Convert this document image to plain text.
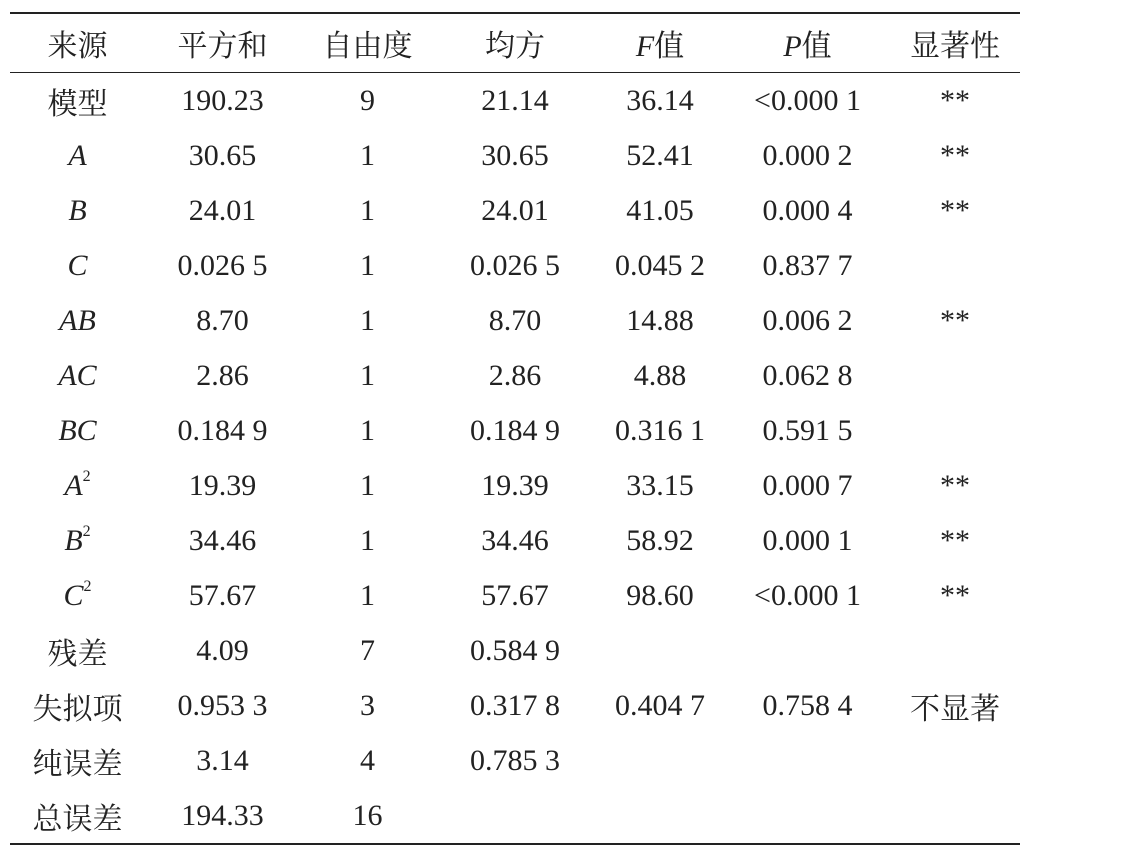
来源	平方和	自由度	均方	F值	P值	显著性
模型	190.23	9	21.14	36.14	<0.000 1	**
A	30.65	1	30.65	52.41	0.000 2	**
B	24.01	1	24.01	41.05	0.000 4	**
C	0.026 5	1	0.026 5	0.045 2	0.837 7	
AB	8.70	1	8.70	14.88	0.006 2	**
AC	2.86	1	2.86	4.88	0.062 8	
BC	0.184 9	1	0.184 9	0.316 1	0.591 5	
$A^2$	19.39	1	19.39	33.15	0.000 7	**
$B^2$	34.46	1	34.46	58.92	0.000 1	**
$C^2$	57.67	1	57.67	98.60	<0.000 1	**
残差	4.09	7	0.584 9			
失拟项	0.953 3	3	0.317 8	0.404 7	0.758 4	不显著
纯误差	3.14	4	0.785 3			
总误差	194.33	16				
